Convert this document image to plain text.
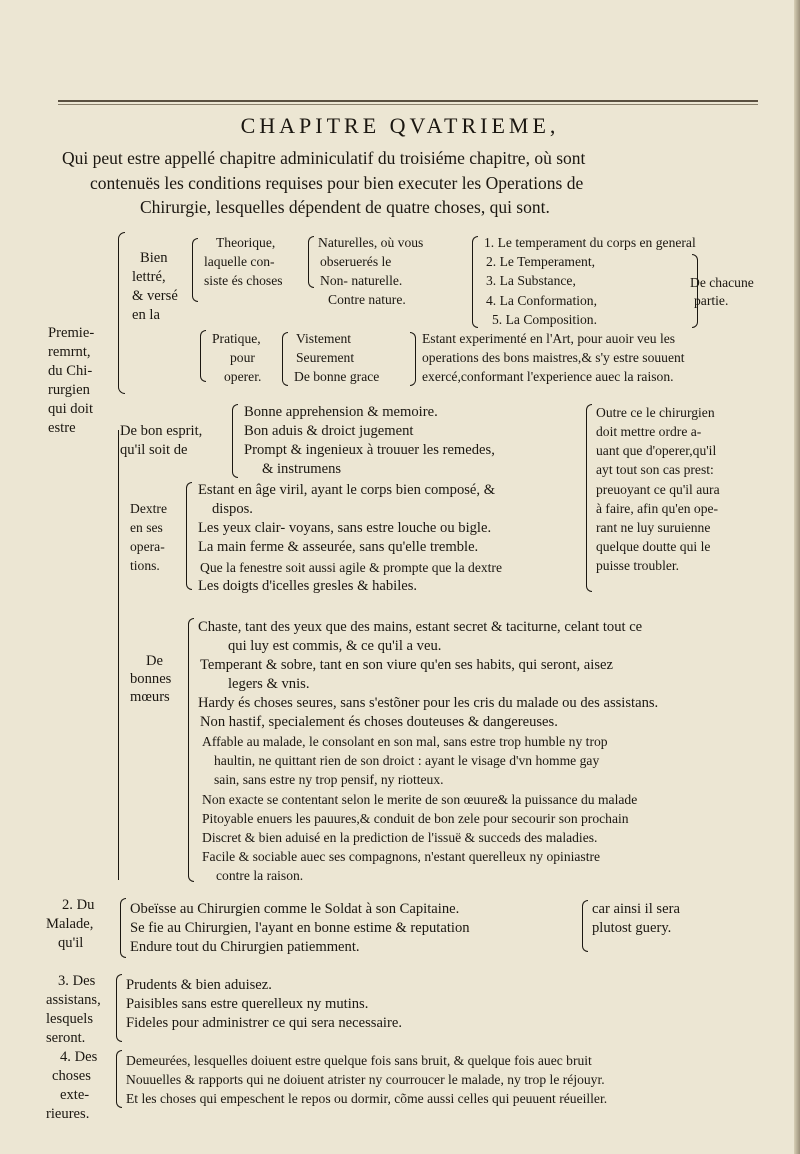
CHAPITRE QVATRIEME,
Qui peut estre appellé chapitre adminiculatif du troisiéme chapitre, où sont
contenuës les conditions requises pour bien executer les Operations de
Chirurgie, lesquelles dépendent de quatre choses, qui sont.
Premie-
remrnt,
du Chi-
rurgien
qui doit
estre
Bien
lettré,
& versé
en la
Theorique,
laquelle con-
siste és choses
Naturelles, où vous
obseruerés le
Non- naturelle.
Contre nature.
1. Le temperament du corps en general
2. Le Temperament,
3. La Substance,
4. La Conformation,
5. La Composition.
De chacune
partie.
Pratique,
pour
operer.
Vistement
Seurement
De bonne grace
Estant experimenté en l'Art, pour auoir veu les
operations des bons maistres,& s'y estre souuent
exercé,conformant l'experience auec la raison.
De bon esprit,
qu'il soit de
Bonne apprehension & memoire.
Bon aduis & droict jugement
Prompt & ingenieux à trouuer les remedes,
& instrumens
Outre ce le chirurgien
doit mettre ordre a-
uant que d'operer,qu'il
ayt tout son cas prest:
preuoyant ce qu'il aura
à faire, afin qu'en ope-
rant ne luy suruienne
quelque doutte qui le
puisse troubler.
Dextre
en ses
opera-
tions.
Estant en âge viril, ayant le corps bien composé, &
dispos.
Les yeux clair- voyans, sans estre louche ou bigle.
La main ferme & asseurée, sans qu'elle tremble.
Que la fenestre soit aussi agile & prompte que la dextre
Les doigts d'icelles gresles & habiles.
De
bonnes
mœurs
Chaste, tant des yeux que des mains, estant secret & taciturne, celant tout ce
qui luy est commis, & ce qu'il a veu.
Temperant & sobre, tant en son viure qu'en ses habits, qui seront, aisez
legers & vnis.
Hardy és choses seures, sans s'estõner pour les cris du malade ou des assistans.
Non hastif, specialement és choses douteuses & dangereuses.
Affable au malade, le consolant en son mal, sans estre trop humble ny trop
haultin, ne quittant rien de son droict : ayant le visage d'vn homme gay
sain, sans estre ny trop pensif, ny riotteux.
Non exacte se contentant selon le merite de son œuure& la puissance du malade
Pitoyable enuers les pauures,& conduit de bon zele pour secourir son prochain
Discret & bien aduisé en la prediction de l'issuë & succeds des maladies.
Facile & sociable auec ses compagnons, n'estant querelleux ny opiniastre
contre la raison.
2. Du
Malade,
qu'il
Obeïsse au Chirurgien comme le Soldat à son Capitaine.
Se fie au Chirurgien, l'ayant en bonne estime & reputation
Endure tout du Chirurgien patiemment.
car ainsi il sera
plutost guery.
3. Des
assistans,
lesquels
seront.
Prudents & bien aduisez.
Paisibles sans estre querelleux ny mutins.
Fideles pour administrer ce qui sera necessaire.
4. Des
choses
exte-
rieures.
Demeurées, lesquelles doiuent estre quelque fois sans bruit, & quelque fois auec bruit
Nouuelles & rapports qui ne doiuent atrister ny courroucer le malade, ny trop le réjouyr.
Et les choses qui empeschent le repos ou dormir, cõme aussi celles qui peuuent réueiller.
